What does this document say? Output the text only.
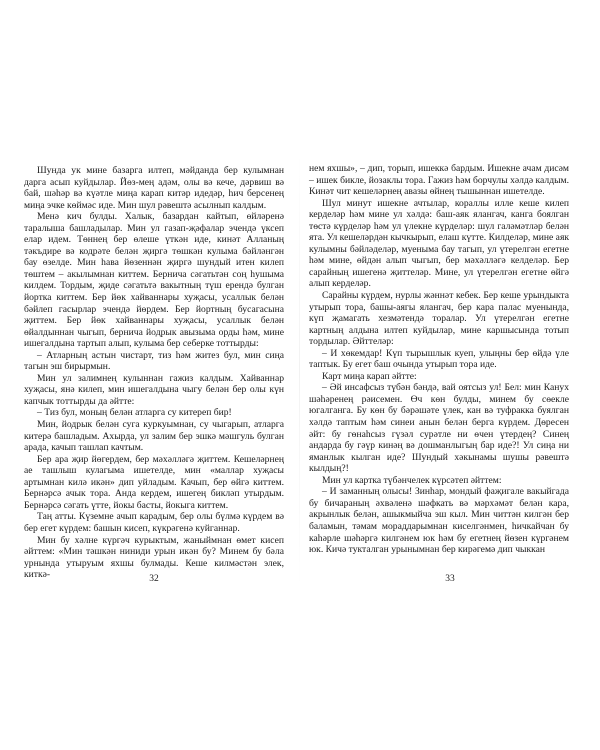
Шунда ук мине базарга илтеп, мәйданда бер кулымнан дарга асып куйдылар. Йөз-мең адәм, олы вә кече, дәрвиш вә бай, шәһәр вә күәтле миңа карап китәр идедәр, һич берсенең миңа эчке көймәс иде. Мин шул рәвештә асылнып калдым.

Менә кич булды. Халык, базардан кайтып, өйләренә таралыша башладылар. Мин ул газап-җәфалар эчендә үксеп елар идем. Төннең бер өлеше үткән иде, кинәт Алланың тәкъдире вә кодрәте белән җиргә төшкән кулыма бәйләнгән бау өзелде. Мин hава йөзеннән җиргә шундый итен килеп төштем – акылымнан киттем. Бернича сәгатьтән соң һушыма килдем. Тордым, җиде сәгатьтә вакытның түш ерендә булган йортка киттем. Бер йөк хайваннары хуҗасы, усаллык белән бәйлеп гасырлар эчендә йөрдем. Бер йортның бусагасына җиттем. Бер йөк хайваннары хуҗасы, усаллык белән өйалдыннан чыгып, бернича йодрык авызыма орды һәм, мине ишегалдына тартып алып, кулыма бер себерке тоттырды:

– Атларның астын чистарт, тиз һәм житез бул, мин сиңа тагын эш бирырмын.

Мин ул залимнең кулыннан гажиз калдым. Хайваннар хуҗасы, янә килеп, мин ишегалдына чыгу белән бер олы күн капчык тоттырды да әйтте:

– Тиз бул, моның белән атларга су китереп бир!

Мин, йодрык белән суга куркуымнан, су чыгарып, атларга китерә башладым. Ахырда, ул залим бер эшкә мәшгуль булган арада, качып ташлап качтым.

Бер ара җир йөгердем, бер мәхәлләгә җиттем. Кешеләрнең ае ташлыш кулагыма ишетелде, мин «маллар хуҗасы артымнан килә икән» дип уйладым. Качып, бер өйгә киттем. Бернәрсә ачык тора. Анда кердем, ишегең бикләп утырдым. Бернәрсә сәгать үтте, йокы басты, йокыга киттем.

Таң атты. Күземне ачып карадым, бер олы бүлмә күрдем вә бер егет күрдем: башын кисеп, күкрәгенә куйганнар.

Мин бу хәлне күргәч курыктым, жаныймнан өмет кисеп әйттем: «Мин тәшкән ниниди урын икән бу? Минем бу бәла урнында утыруым яхшы булмады. Кеше килмәстән элек, киткә-	32

нем яхшы», – дип, торып, ишеккә бардым. Ишекне ачам дисәм – ишек бикле, йозаклы тора. Гажиз һәм борчулы хәлдә калдым. Кинәт чит кешеләрнең авазы өйнең тышыннан ишетелде.

Шул минут ишекне ачтылар, кораллы илле кеше килеп керделәр һәм мине ул хәлдә: баш-аяк ялангач, канга боялган төстә күрделәр һәм ул үлекне күрделәр: шул галәмәтләр белән ята. Ул кешеләрдән кычкырып, елаш күтте. Килделәр, мине аяк кулымны бәйләделәр, муеныма бау тагып, ул үтерелгән егетне һәм мине, өйдән алып чыгып, бер мәхәлләгә келделәр. Бер сарайның ишегенә җиттеләр. Мине, ул үтерелгән егетне өйгә алып керделәр.

Сарайны күрдем, нурлы жәннәт кебек. Бер кеше урындыкта утырып тора, башы-аягы ялангач, бер кара палас муенында, күп җамагать хезмәтендә торалар. Ул үтерелгән егетне картның алдына илтеп куйдылар, мине каршысында тотып тордылар. Әйттеләр:

– И хөкемдар! Күп тырышлык куеп, улыңны бер өйдә үле таптык. Бу егет баш очында утырып тора иде.

Карт миңа карап әйтте:

– Әй инсафсыз түбән бәндә, вай оятсыз ул! Бел: мин Канух шәһәренең рәисемен. Өч көн булды, минем бу сөекле югалганга. Бу көн бу бәрәшәте үлек, кан вә туфракка буялган хәлдә таптым һәм синеи анын белән берга күрдем. Дөресен әйт: бу гөнаһсыз гүзәл сурәтле ни өчен үтердең? Синең андарда бу гәүр кинәң вә дошманлыгың бар иде?! Ул сиңа ни яманлык кылган иде? Шундый хәкынамы шушы рәвештә кылдың?!

Мин ул картка түбәнчелек күрсәтеп әйттем:

– И заманның олысы! Зинһар, мондый фаҗигале вакыйгада бу бичараның әхвәленә шәфкать вә мәрхәмәт белән кара, акрынлык белән, ашыкмыйча эш кыл. Мин читтән килгән бер баламын, тәмам мораддарымнан киселгәнмен, һичкайчан бу каһәрле шәһәргә килгәнем юк һәм бу егетнең йөзен күргәнем юк. Кичә тукталган урынымнан бер кирәгемә дип чыккан

33
